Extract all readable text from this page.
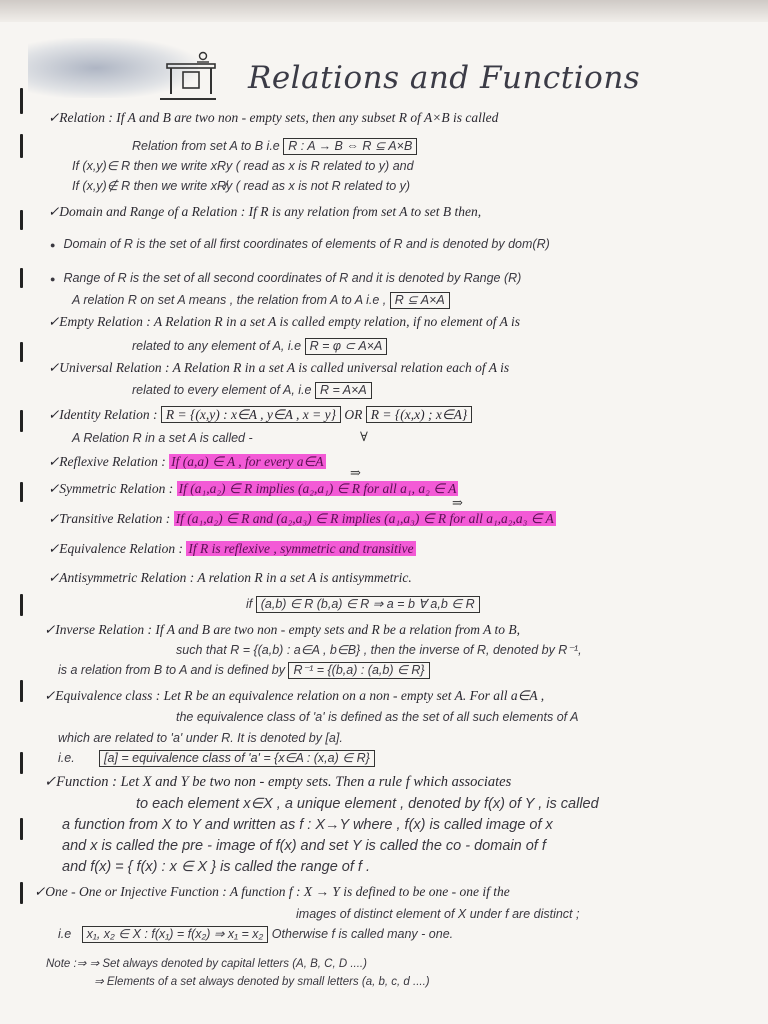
Relations and Functions
✓Relation : If A and B are two non - empty sets, then any subset R of A×B is called
Relation from set A to B i.e R : A → B ⇔ R ⊆ A×B
If (x,y)∈ R then we write xRy ( read as x is R related to y) and
If (x,y)∉ R then we write xR̸y ( read as x is not R related to y)
✓Domain and Range of a Relation : If R is any relation from set A to set B then,
● Domain of R is the set of all first coordinates of elements of R and is denoted by dom(R)
● Range of R is the set of all second coordinates of R and it is denoted by Range (R)
A relation R on set A means , the relation from A to A i.e , R ⊆ A×A
✓Empty Relation : A Relation R in a set A is called empty relation, if no element of A is
related to any element of A, i.e R = φ ⊂ A×A
✓Universal Relation : A Relation R in a set A is called universal relation each of A is
related to every element of A, i.e R = A×A
✓Identity Relation : R = {(x,y) : x∈A , y∈A , x = y} OR R = {(x,x) ; x∈A}
A Relation R in a set A is called -	∀
✓Reflexive Relation : If (a,a) ∈ A , for every a∈A
⇒
✓Symmetric Relation : If (a₁,a₂) ∈ R implies (a₂,a₁) ∈ R for all a₁, a₂ ∈ A
⇒
✓Transitive Relation : If (a₁,a₂) ∈ R and (a₂,a₃) ∈ R implies (a₁,a₃) ∈ R for all a₁,a₂,a₃ ∈ A
✓Equivalence Relation : If R is reflexive , symmetric and transitive
✓Antisymmetric Relation : A relation R in a set A is antisymmetric.
if (a,b) ∈ R (b,a) ∈ R ⇒ a = b ∀ a,b ∈ R
✓Inverse Relation : If A and B are two non - empty sets and R be a relation from A to B,
such that R = {(a,b) : a∈A , b∈B} , then the inverse of R, denoted by R⁻¹,
is a relation from B to A and is defined by R⁻¹ = {(b,a) : (a,b) ∈ R}
✓Equivalence class : Let R be an equivalence relation on a non - empty set A. For all a∈A ,
the equivalence class of 'a' is defined as the set of all such elements of A
which are related to 'a' under R. It is denoted by [a].
i.e. [a] = equivalence class of 'a' = {x∈A : (x,a) ∈ R}
✓Function : Let X and Y be two non - empty sets. Then a rule f which associates
to each element x∈X , a unique element , denoted by f(x) of Y , is called
a function from X to Y and written as f : X→Y where , f(x) is called image of x
and x is called the pre - image of f(x) and set Y is called the co - domain of f
and f(x) = { f(x) : x ∈ X } is called the range of f .
✓One - One or Injective Function : A function f : X → Y is defined to be one - one if the
images of distinct element of X under f are distinct ;
i.e x₁, x₂ ∈ X : f(x₁) = f(x₂) ⇒ x₁ = x₂ Otherwise f is called many - one.
Note :⇒ ⇒ Set always denoted by capital letters (A, B, C, D ....)
⇒ Elements of a set always denoted by small letters (a, b, c, d ....)
